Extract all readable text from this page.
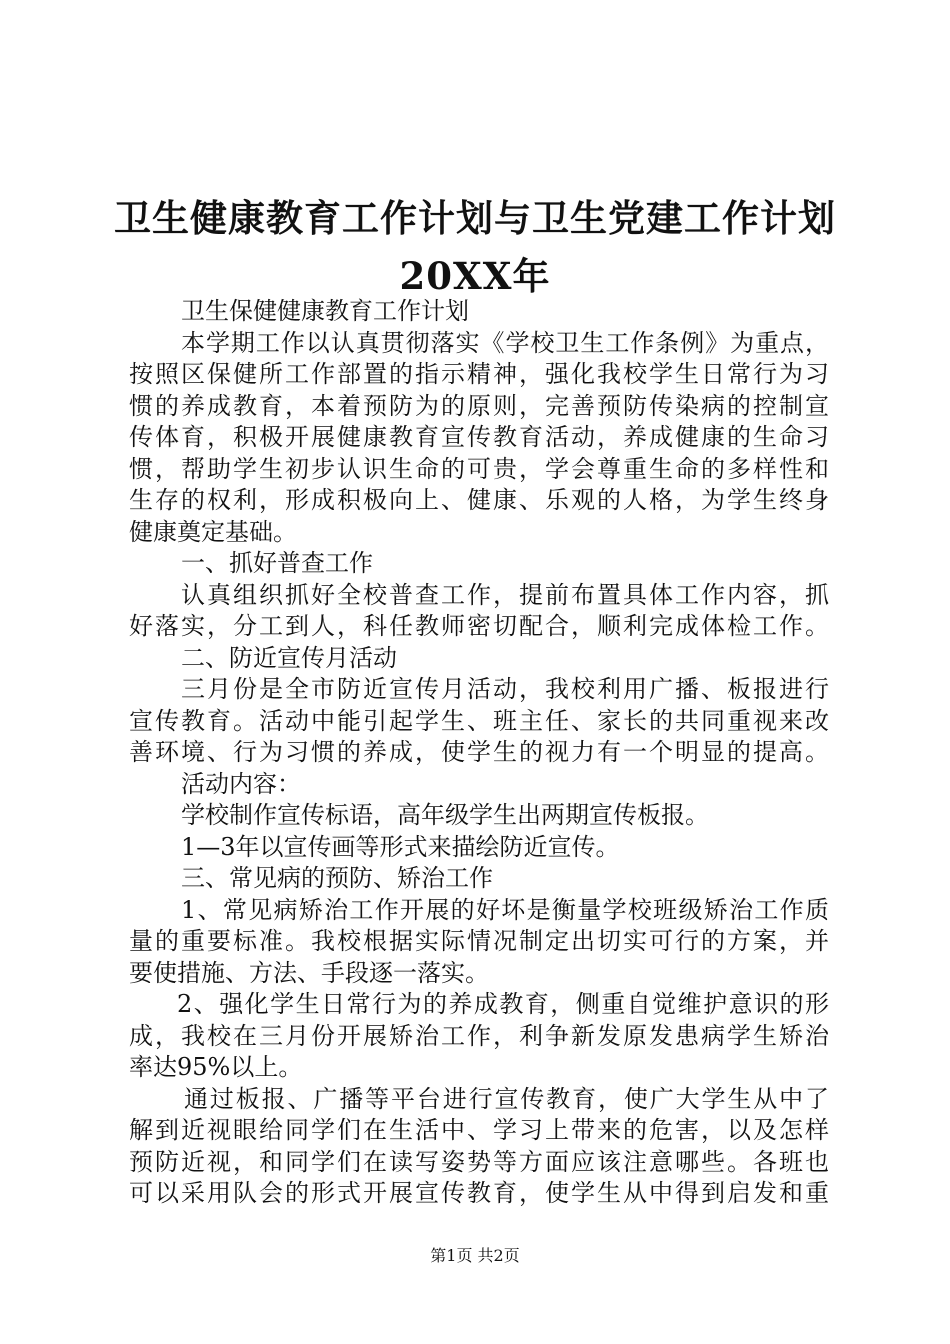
卫生健康教育工作计划与卫生党建工作计划
20XX年
卫生保健健康教育工作计划
本学期工作以认真贯彻落实《学校卫生工作条例》为重点，
按照区保健所工作部置的指示精神，强化我校学生日常行为习
惯的养成教育，本着预防为的原则，完善预防传染病的控制宣
传体育，积极开展健康教育宣传教育活动，养成健康的生命习
惯，帮助学生初步认识生命的可贵，学会尊重生命的多样性和
生存的权利，形成积极向上、健康、乐观的人格，为学生终身
健康奠定基础。
一、抓好普查工作
认真组织抓好全校普查工作，提前布置具体工作内容，抓
好落实，分工到人，科任教师密切配合，顺利完成体检工作。
二、防近宣传月活动
三月份是全市防近宣传月活动，我校利用广播、板报进行
宣传教育。活动中能引起学生、班主任、家长的共同重视来改
善环境、行为习惯的养成，使学生的视力有一个明显的提高。
活动内容：
学校制作宣传标语，高年级学生出两期宣传板报。
1—3年以宣传画等形式来描绘防近宣传。
三、常见病的预防、矫治工作
1、常见病矫治工作开展的好坏是衡量学校班级矫治工作质
量的重要标准。我校根据实际情况制定出切实可行的方案，并
要使措施、方法、手段逐一落实。
2、强化学生日常行为的养成教育，侧重自觉维护意识的形
成，我校在三月份开展矫治工作，利争新发原发患病学生矫治
率达95%以上。
通过板报、广播等平台进行宣传教育，使广大学生从中了
解到近视眼给同学们在生活中、学习上带来的危害，以及怎样
预防近视，和同学们在读写姿势等方面应该注意哪些。各班也
可以采用队会的形式开展宣传教育，使学生从中得到启发和重
第1页 共2页
